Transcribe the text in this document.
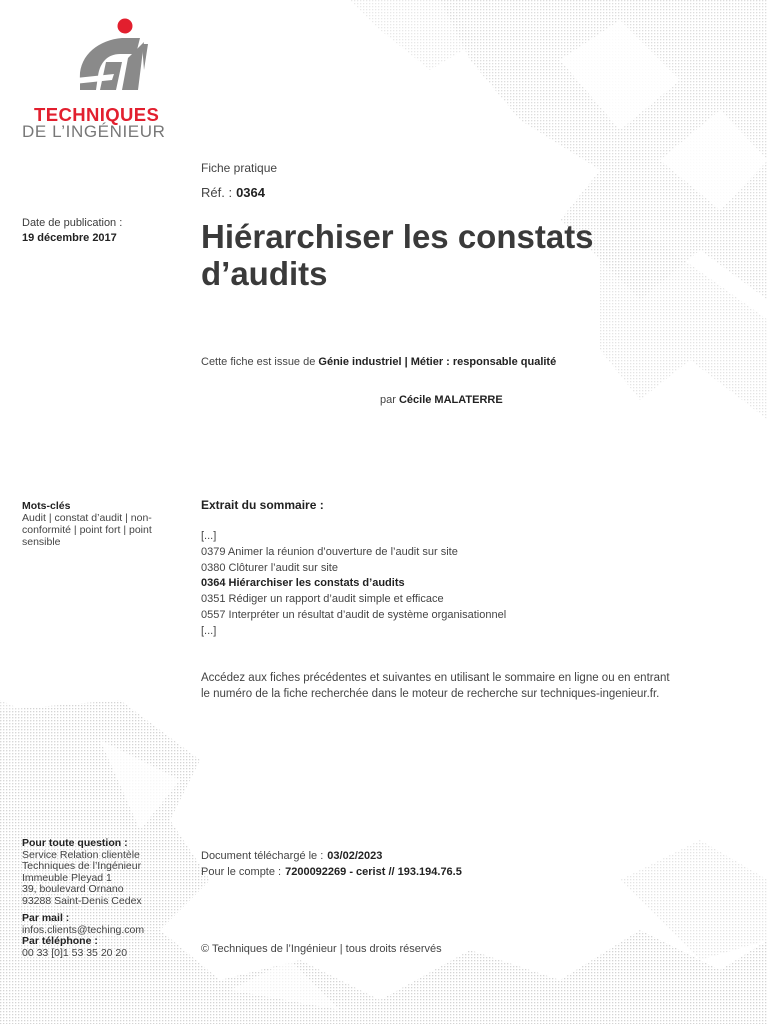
TECHNIQUES
DE L’INGÉNIEUR
Fiche pratique
Réf. : 0364
Date de publication :
19 décembre 2017	Hiérarchiser les constats
d’audits
Cette fiche est issue de Génie industriel | Métier : responsable qualité
par Cécile MALATERRE
Mots-clés
Audit | constat d’audit | non-conformité | point fort | point sensible
Extrait du sommaire :
[...]
0379 Animer la réunion d’ouverture de l’audit sur site
0380 Clôturer l’audit sur site
0364 Hiérarchiser les constats d’audits
0351 Rédiger un rapport d’audit simple et efficace
0557 Interpréter un résultat d’audit de système organisationnel
[...]
Accédez aux fiches précédentes et suivantes en utilisant le sommaire en ligne ou en entrant
le numéro de la fiche recherchée dans le moteur de recherche sur techniques-ingenieur.fr.
Pour toute question :
Service Relation clientèle
Techniques de l’Ingénieur
Immeuble Pleyad 1
39, boulevard Ornano
93288 Saint-Denis Cedex
Par mail :
infos.clients@teching.com
Par téléphone :
00 33 [0]1 53 35 20 20
Document téléchargé le : 03/02/2023
Pour le compte : 7200092269 - cerist // 193.194.76.5
© Techniques de l’Ingénieur | tous droits réservés
